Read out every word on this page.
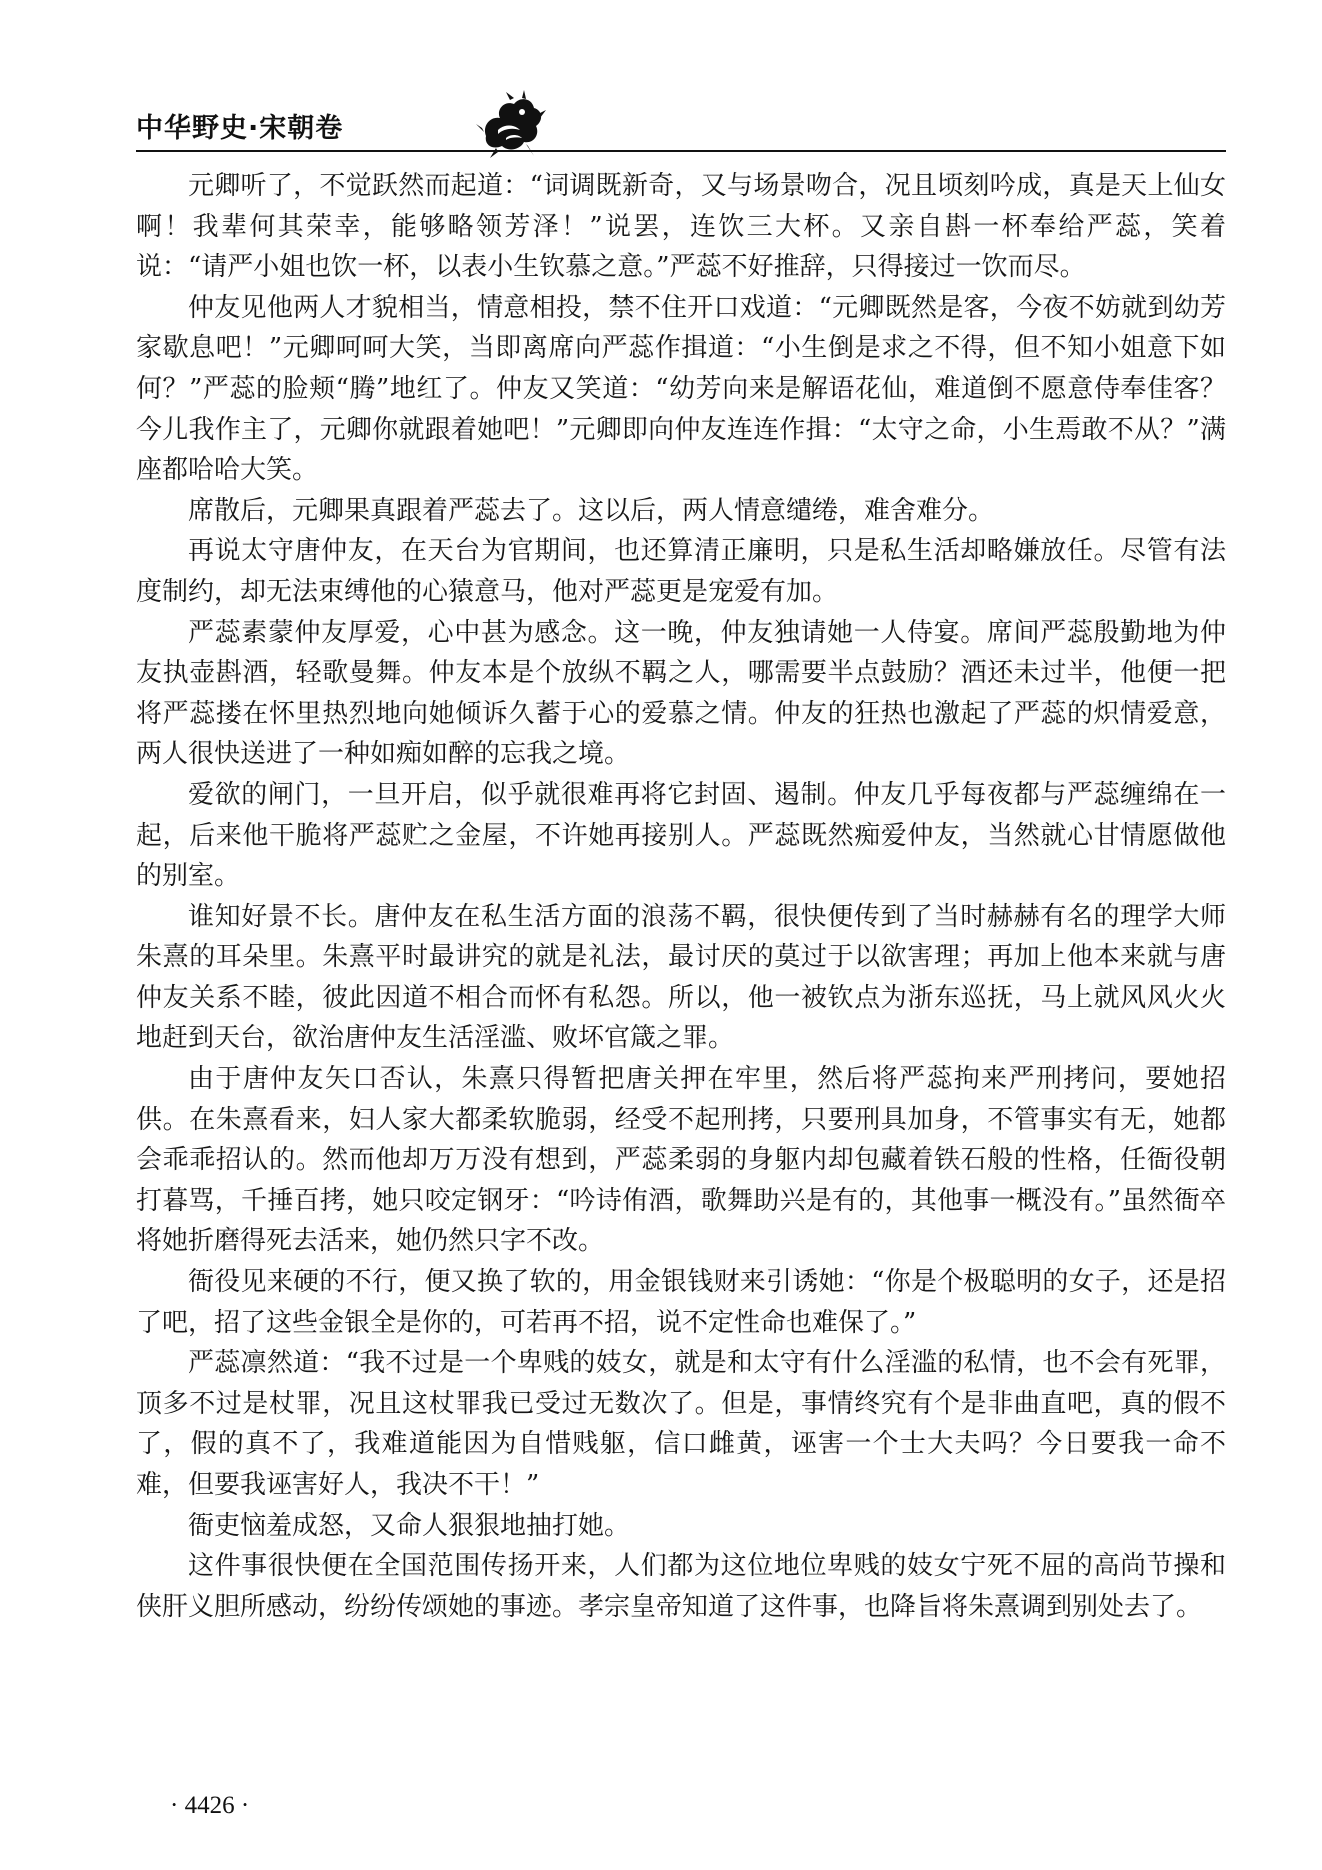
中华野史·宋朝卷

元卿听了，不觉跃然而起道：“词调既新奇，又与场景吻合，况且顷刻吟成，真是天上仙女啊！我辈何其荣幸，能够略领芳泽！”说罢，连饮三大杯。又亲自斟一杯奉给严蕊，笑着说：“请严小姐也饮一杯，以表小生钦慕之意。”严蕊不好推辞，只得接过一饮而尽。

仲友见他两人才貌相当，情意相投，禁不住开口戏道：“元卿既然是客，今夜不妨就到幼芳家歇息吧！”元卿呵呵大笑，当即离席向严蕊作揖道：“小生倒是求之不得，但不知小姐意下如何？”严蕊的脸颊“腾”地红了。仲友又笑道：“幼芳向来是解语花仙，难道倒不愿意侍奉佳客？今儿我作主了，元卿你就跟着她吧！”元卿即向仲友连连作揖：“太守之命，小生焉敢不从？”满座都哈哈大笑。

席散后，元卿果真跟着严蕊去了。这以后，两人情意缱绻，难舍难分。

再说太守唐仲友，在天台为官期间，也还算清正廉明，只是私生活却略嫌放任。尽管有法度制约，却无法束缚他的心猿意马，他对严蕊更是宠爱有加。

严蕊素蒙仲友厚爱，心中甚为感念。这一晚，仲友独请她一人侍宴。席间严蕊殷勤地为仲友执壶斟酒，轻歌曼舞。仲友本是个放纵不羁之人，哪需要半点鼓励？酒还未过半，他便一把将严蕊搂在怀里热烈地向她倾诉久蓄于心的爱慕之情。仲友的狂热也激起了严蕊的炽情爱意，两人很快送进了一种如痴如醉的忘我之境。

爱欲的闸门，一旦开启，似乎就很难再将它封固、遏制。仲友几乎每夜都与严蕊缠绵在一起，后来他干脆将严蕊贮之金屋，不许她再接别人。严蕊既然痴爱仲友，当然就心甘情愿做他的别室。

谁知好景不长。唐仲友在私生活方面的浪荡不羁，很快便传到了当时赫赫有名的理学大师朱熹的耳朵里。朱熹平时最讲究的就是礼法，最讨厌的莫过于以欲害理；再加上他本来就与唐仲友关系不睦，彼此因道不相合而怀有私怨。所以，他一被钦点为浙东巡抚，马上就风风火火地赶到天台，欲治唐仲友生活淫滥、败坏官箴之罪。

由于唐仲友矢口否认，朱熹只得暂把唐关押在牢里，然后将严蕊拘来严刑拷问，要她招供。在朱熹看来，妇人家大都柔软脆弱，经受不起刑拷，只要刑具加身，不管事实有无，她都会乖乖招认的。然而他却万万没有想到，严蕊柔弱的身躯内却包藏着铁石般的性格，任衙役朝打暮骂，千捶百拷，她只咬定钢牙：“吟诗侑酒，歌舞助兴是有的，其他事一概没有。”虽然衙卒将她折磨得死去活来，她仍然只字不改。

衙役见来硬的不行，便又换了软的，用金银钱财来引诱她：“你是个极聪明的女子，还是招了吧，招了这些金银全是你的，可若再不招，说不定性命也难保了。”

严蕊凛然道：“我不过是一个卑贱的妓女，就是和太守有什么淫滥的私情，也不会有死罪，顶多不过是杖罪，况且这杖罪我已受过无数次了。但是，事情终究有个是非曲直吧，真的假不了，假的真不了，我难道能因为自惜贱躯，信口雌黄，诬害一个士大夫吗？今日要我一命不难，但要我诬害好人，我决不干！”

衙吏恼羞成怒，又命人狠狠地抽打她。

这件事很快便在全国范围传扬开来，人们都为这位地位卑贱的妓女宁死不屈的高尚节操和侠肝义胆所感动，纷纷传颂她的事迹。孝宗皇帝知道了这件事，也降旨将朱熹调到别处去了。

· 4426 ·
